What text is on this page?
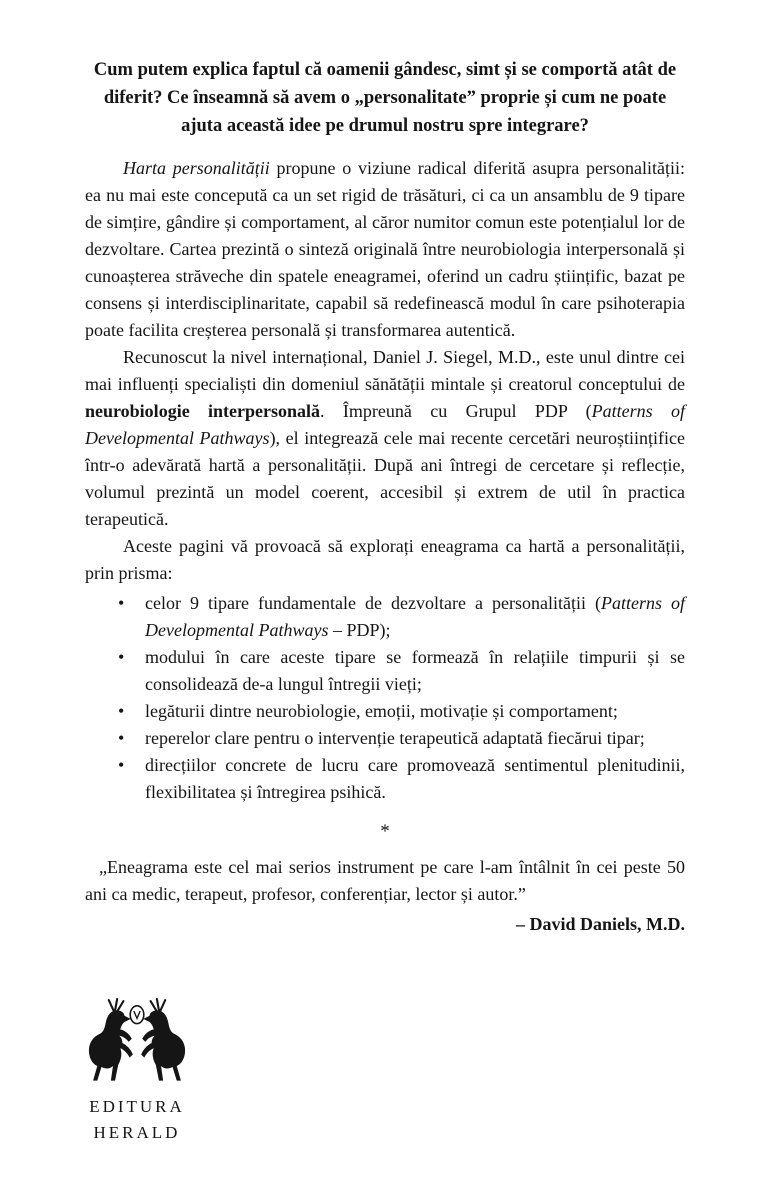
Cum putem explica faptul că oamenii gândesc, simt și se comportă atât de diferit? Ce înseamnă să avem o „personalitate” proprie și cum ne poate ajuta această idee pe drumul nostru spre integrare?

Harta personalității propune o viziune radical diferită asupra personalității: ea nu mai este concepută ca un set rigid de trăsături, ci ca un ansamblu de 9 tipare de simțire, gândire și comportament, al căror numitor comun este potențialul lor de dezvoltare. Cartea prezintă o sinteză originală între neurobiologia interpersonală și cunoașterea străveche din spatele eneagramei, oferind un cadru științific, bazat pe consens și interdisciplinaritate, capabil să redefinească modul în care psihoterapia poate facilita creșterea personală și transformarea autentică.

Recunoscut la nivel internațional, Daniel J. Siegel, M.D., este unul dintre cei mai influenți specialiști din domeniul sănătății mintale și creatorul conceptului de neurobiologie interpersonală. Împreună cu Grupul PDP (Patterns of Developmental Pathways), el integrează cele mai recente cercetări neuroștiințifice într-o adevărată hartă a personalității. După ani întregi de cercetare și reflecție, volumul prezintă un model coerent, accesibil și extrem de util în practica terapeutică.

Aceste pagini vă provoacă să explorați eneagrama ca hartă a personalității, prin prisma:

• celor 9 tipare fundamentale de dezvoltare a personalității (Patterns of Developmental Pathways – PDP);
• modului în care aceste tipare se formează în relațiile timpurii și se consolidează de-a lungul întregii vieți;
• legăturii dintre neurobiologie, emoții, motivație și comportament;
• reperelor clare pentru o intervenție terapeutică adaptată fiecărui tipar;
• direcțiilor concrete de lucru care promovează sentimentul plenitudinii, flexibilitatea și întregirea psihică.
*

„Eneagrama este cel mai serios instrument pe care l-am întâlnit în cei peste 50 ani ca medic, terapeut, profesor, conferențiar, lector și autor.”

– David Daniels, M.D.

EDITURA
HERALD
